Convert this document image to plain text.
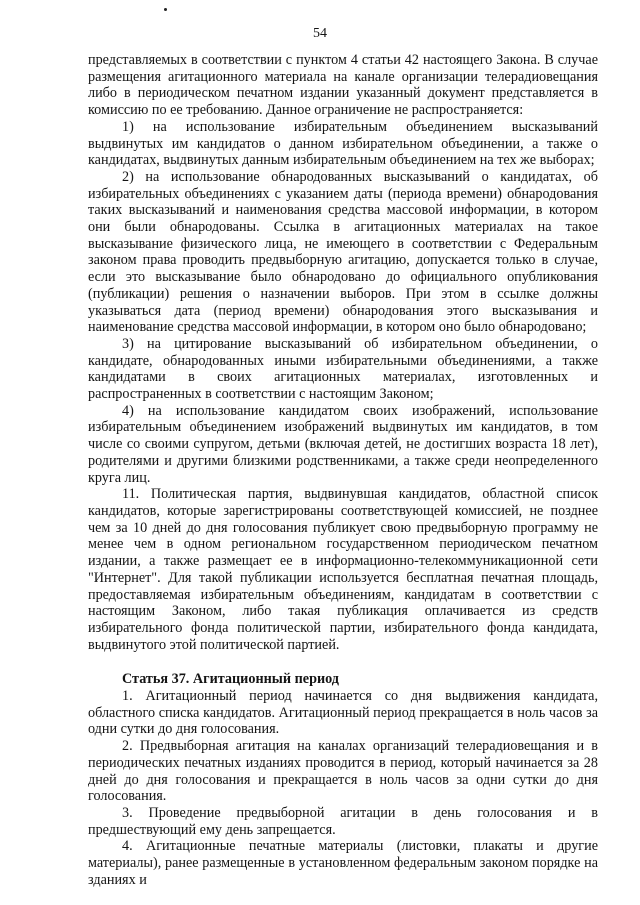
54

представляемых в соответствии с пунктом 4 статьи 42 настоящего Закона. В случае размещения агитационного материала на канале организации телерадиовещания либо в периодическом печатном издании указанный документ представляется в комиссию по ее требованию. Данное ограничение не распространяется:

1) на использование избирательным объединением высказываний выдвинутых им кандидатов о данном избирательном объединении, а также о кандидатах, выдвинутых данным избирательным объединением на тех же выборах;

2) на использование обнародованных высказываний о кандидатах, об избирательных объединениях с указанием даты (периода времени) обнародования таких высказываний и наименования средства массовой информации, в котором они были обнародованы. Ссылка в агитационных материалах на такое высказывание физического лица, не имеющего в соответствии с Федеральным законом права проводить предвыборную агитацию, допускается только в случае, если это высказывание было обнародовано до официального опубликования (публикации) решения о назначении выборов. При этом в ссылке должны указываться дата (период времени) обнародования этого высказывания и наименование средства массовой информации, в котором оно было обнародовано;

3) на цитирование высказываний об избирательном объединении, о кандидате, обнародованных иными избирательными объединениями, а также кандидатами в своих агитационных материалах, изготовленных и распространенных в соответствии с настоящим Законом;

4) на использование кандидатом своих изображений, использование избирательным объединением изображений выдвинутых им кандидатов, в том числе со своими супругом, детьми (включая детей, не достигших возраста 18 лет), родителями и другими близкими родственниками, а также среди неопределенного круга лиц.

11. Политическая партия, выдвинувшая кандидатов, областной список кандидатов, которые зарегистрированы соответствующей комиссией, не позднее чем за 10 дней до дня голосования публикует свою предвыборную программу не менее чем в одном региональном государственном периодическом печатном издании, а также размещает ее в информационно-телекоммуникационной сети "Интернет". Для такой публикации используется бесплатная печатная площадь, предоставляемая избирательным объединениям, кандидатам в соответствии с настоящим Законом, либо такая публикация оплачивается из средств избирательного фонда политической партии, избирательного фонда кандидата, выдвинутого этой политической партией.

Статья 37. Агитационный период

1. Агитационный период начинается со дня выдвижения кандидата, областного списка кандидатов. Агитационный период прекращается в ноль часов за одни сутки до дня голосования.

2. Предвыборная агитация на каналах организаций телерадиовещания и в периодических печатных изданиях проводится в период, который начинается за 28 дней до дня голосования и прекращается в ноль часов за одни сутки до дня голосования.

3. Проведение предвыборной агитации в день голосования и в предшествующий ему день запрещается.

4. Агитационные печатные материалы (листовки, плакаты и другие материалы), ранее размещенные в установленном федеральным законом порядке на зданиях и
